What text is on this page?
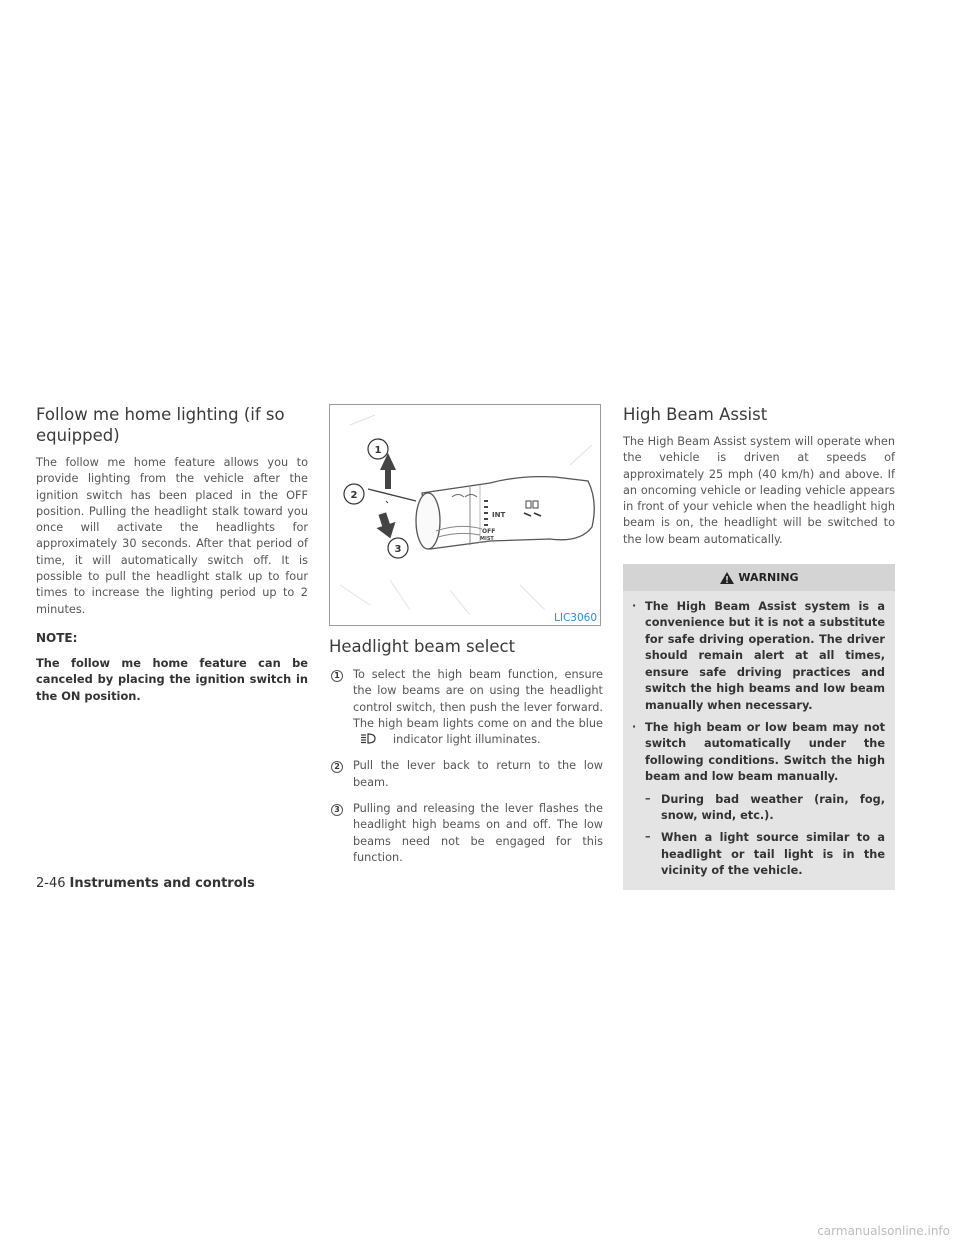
Follow me home lighting (if so equipped)

The follow me home feature allows you to provide lighting from the vehicle after the ignition switch has been placed in the OFF position. Pulling the headlight stalk toward you once will activate the headlights for approximately 30 seconds. After that period of time, it will automatically switch off. It is possible to pull the headlight stalk up to four times to increase the lighting period up to 2 minutes.

NOTE:

The follow me home feature can be canceled by placing the ignition switch in the ON position.

INT
OFF
MIST
1
2
3
LIC3060
Headlight beam select
1 To select the high beam function, ensure the low beams are on using the headlight control switch, then push the lever forward. The high beam lights come on and the blueindicator light illuminates.

2 Pull the lever back to return to the low beam.

3 Pulling and releasing the lever flashes the headlight high beams on and off. The low beams need not be engaged for this function.

High Beam Assist

The High Beam Assist system will operate when the vehicle is driven at speeds of approximately 25 mph (40 km/h) and above. If an oncoming vehicle or leading vehicle appears in front of your vehicle when the headlight high beam is on, the headlight will be switched to the low beam automatically.

WARNING
· The High Beam Assist system is a convenience but it is not a substitute for safe driving operation. The driver should remain alert at all times, ensure safe driving practices and switch the high beams and low beam manually when necessary.

· The high beam or low beam may not switch automatically under the following conditions. Switch the high beam and low beam manually.

– During bad weather (rain, fog, snow, wind, etc.).

– When a light source similar to a headlight or tail light is in the vicinity of the vehicle.

2-46 Instruments and controls
carmanualsonline.info
